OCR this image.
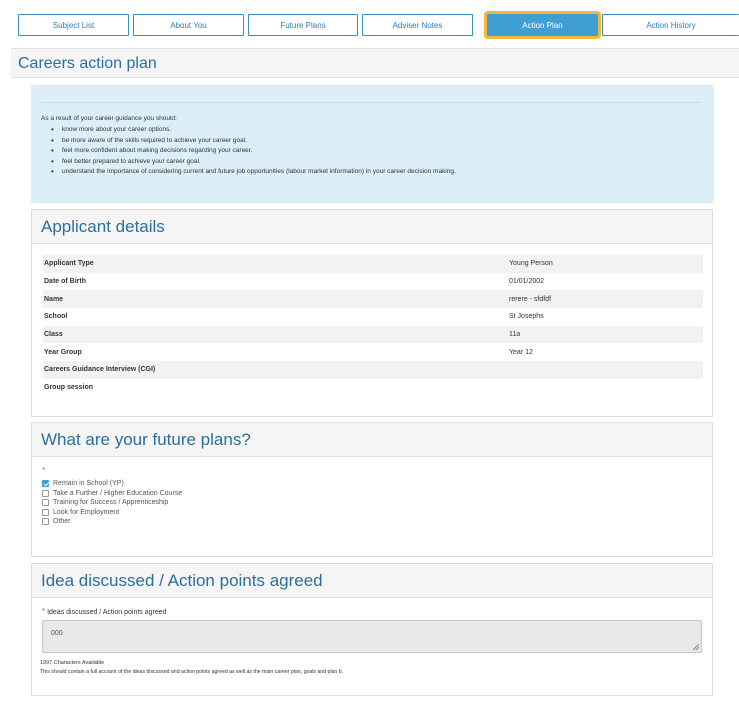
Subject List	About You	Future Plans	Adviser Notes	Action Plan	Action History
Careers action plan
As a result of your career guidance you should:
• know more about your career options.
• be more aware of the skills required to achieve your career goal.
• feel more confident about making decisions regarding your career.
• feel better prepared to achieve your career goal.
• understand the importance of considering current and future job opportunities (labour market information) in your career decision making.
Applicant details
Applicant Type	Young Person
Date of Birth	01/01/2002
Name	rerere - sfdfdf
School	St Josephs
Class	11a
Year Group	Year 12
Careers Guidance Interview (CGI)	
Group session	
What are your future plans?
*
Remain in School (YP)
Take a Further / Higher Education Course
Training for Success / Apprenticeship
Look for Employment
Other
Idea discussed / Action points agreed
* Ideas discussed / Action points agreed
000
1997 Characters Available
This should contain a full account of the ideas discussed and action points agreed as well as the main career plan, goals and plan b.
